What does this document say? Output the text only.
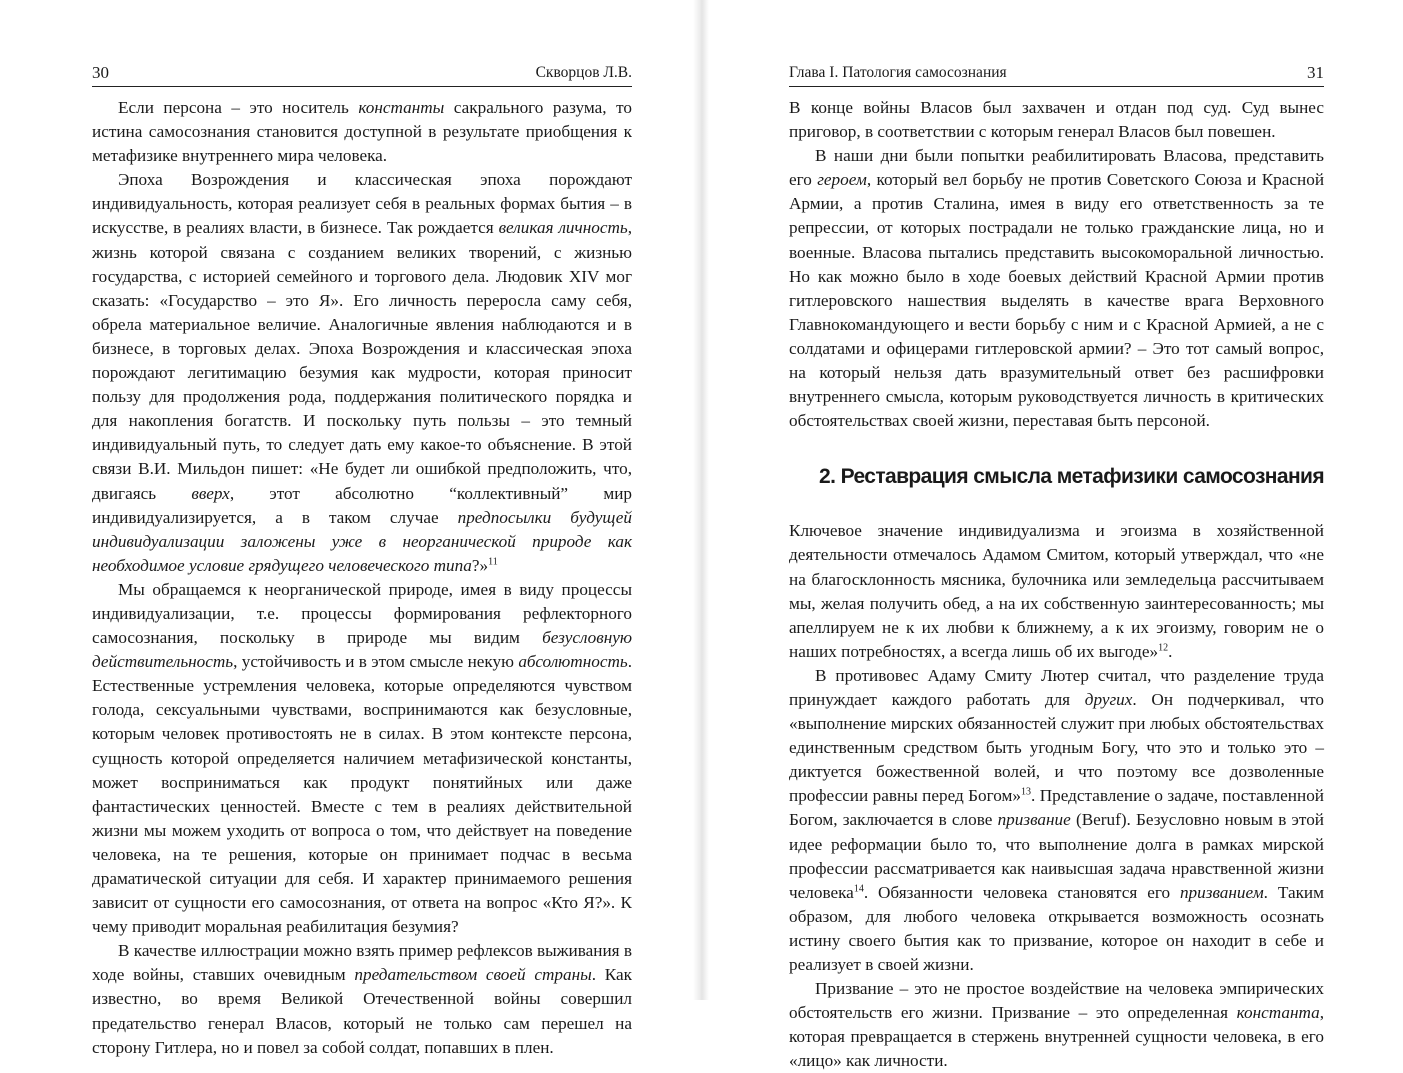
30	Скворцов Л.В.

Если персона – это носитель константы сакрального разума, то истина самосознания становится доступной в результате приобщения к метафизике внутреннего мира человека.

Эпоха Возрождения и классическая эпоха порождают индивидуальность, которая реализует себя в реальных формах бытия – в искусстве, в реалиях власти, в бизнесе. Так рождается великая личность, жизнь которой связана с созданием великих творений, с жизнью государства, с историей семейного и торгового дела. Людовик XIV мог сказать: «Государство – это Я». Его личность переросла саму себя, обрела материальное величие. Аналогичные явления наблюдаются и в бизнесе, в торговых делах. Эпоха Возрождения и классическая эпоха порождают легитимацию безумия как мудрости, которая приносит пользу для продолжения рода, поддержания политического порядка и для накопления богатств. И поскольку путь пользы – это темный индивидуальный путь, то следует дать ему какое-то объяснение. В этой связи В.И. Мильдон пишет: «Не будет ли ошибкой предположить, что, двигаясь вверх, этот абсолютно “коллективный” мир индивидуализируется, а в таком случае предпосылки будущей индивидуализации заложены уже в неорганической природе как необходимое условие грядущего человеческого типа?»$^{11}$

Мы обращаемся к неорганической природе, имея в виду процессы индивидуализации, т.е. процессы формирования рефлекторного самосознания, поскольку в природе мы видим безусловную действительность, устойчивость и в этом смысле некую абсолютность. Естественные устремления человека, которые определяются чувством голода, сексуальными чувствами, воспринимаются как безусловные, которым человек противостоять не в силах. В этом контексте персона, сущность которой определяется наличием метафизической константы, может восприниматься как продукт понятийных или даже фантастических ценностей. Вместе с тем в реалиях действительной жизни мы можем уходить от вопроса о том, что действует на поведение человека, на те решения, которые он принимает подчас в весьма драматической ситуации для себя. И характер принимаемого решения зависит от сущности его самосознания, от ответа на вопрос «Кто Я?». К чему приводит моральная реабилитация безумия?

В качестве иллюстрации можно взять пример рефлексов выживания в ходе войны, ставших очевидным предательством своей страны. Как известно, во время Великой Отечественной войны совершил предательство генерал Власов, который не только сам перешел на сторону Гитлера, но и повел за собой солдат, попавших в плен.

Глава I. Патология самосознания	31

В конце войны Власов был захвачен и отдан под суд. Суд вынес приговор, в соответствии с которым генерал Власов был повешен.

В наши дни были попытки реабилитировать Власова, представить его героем, который вел борьбу не против Советского Союза и Красной Армии, а против Сталина, имея в виду его ответственность за те репрессии, от которых пострадали не только гражданские лица, но и военные. Власова пытались представить высокоморальной личностью. Но как можно было в ходе боевых действий Красной Армии против гитлеровского нашествия выделять в качестве врага Верховного Главнокомандующего и вести борьбу с ним и с Красной Армией, а не с солдатами и офицерами гитлеровской армии? – Это тот самый вопрос, на который нельзя дать вразумительный ответ без расшифровки внутреннего смысла, которым руководствуется личность в критических обстоятельствах своей жизни, переставая быть персоной.

2. Реставрация смысла метафизики самосознания

Ключевое значение индивидуализма и эгоизма в хозяйственной деятельности отмечалось Адамом Смитом, который утверждал, что «не на благосклонность мясника, булочника или земледельца рассчитываем мы, желая получить обед, а на их собственную заинтересованность; мы апеллируем не к их любви к ближнему, а к их эгоизму, говорим не о наших потребностях, а всегда лишь об их выгоде»$^{12}$.

В противовес Адаму Смиту Лютер считал, что разделение труда принуждает каждого работать для других. Он подчеркивал, что «выполнение мирских обязанностей служит при любых обстоятельствах единственным средством быть угодным Богу, что это и только это – диктуется божественной волей, и что поэтому все дозволенные профессии равны перед Богом»$^{13}$. Представление о задаче, поставленной Богом, заключается в слове призвание (Beruf). Безусловно новым в этой идее реформации было то, что выполнение долга в рамках мирской профессии рассматривается как наивысшая задача нравственной жизни человека$^{14}$. Обязанности человека становятся его призванием. Таким образом, для любого человека открывается возможность осознать истину своего бытия как то призвание, которое он находит в себе и реализует в своей жизни.

Призвание – это не простое воздействие на человека эмпирических обстоятельств его жизни. Призвание – это определенная константа, которая превращается в стержень внутренней сущности человека, в его «лицо» как личности.
